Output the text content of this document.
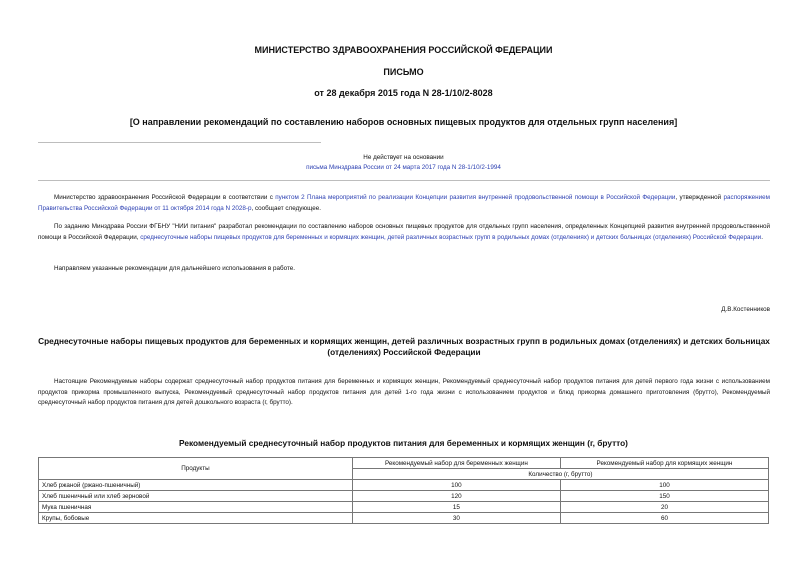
МИНИСТЕРСТВО ЗДРАВООХРАНЕНИЯ РОССИЙСКОЙ ФЕДЕРАЦИИ
ПИСЬМО
от 28 декабря 2015 года N 28-1/10/2-8028
[О направлении рекомендаций по составлению наборов основных пищевых продуктов для отдельных групп населения]
Не действует на основании
письма Минздрава России от 24 марта 2017 года N 28-1/10/2-1994

Министерство здравоохранения Российской Федерации в соответствии с пунктом 2 Плана мероприятий по реализации Концепции развития внутренней продовольственной помощи в Российской Федерации, утвержденной распоряжением Правительства Российской Федерации от 11 октября 2014 года N 2028-р, сообщает следующее.

По заданию Минздрава России ФГБНУ "НИИ питания" разработал рекомендации по составлению наборов основных пищевых продуктов для отдельных групп населения, определенных Концепцией развития внутренней продовольственной помощи в Российской Федерации, среднесуточные наборы пищевых продуктов для беременных и кормящих женщин, детей различных возрастных групп в родильных домах (отделениях) и детских больницах (отделениях) Российской Федерации.

Направляем указанные рекомендации для дальнейшего использования в работе.

Д.В.Костенников
Среднесуточные наборы пищевых продуктов для беременных и кормящих женщин, детей различных возрастных групп в родильных домах (отделениях) и детских больницах (отделениях) Российской Федерации

Настоящие Рекомендуемые наборы содержат среднесуточный набор продуктов питания для беременных и кормящих женщин, Рекомендуемый среднесуточный набор продуктов питания для детей первого года жизни с использованием продуктов прикорма промышленного выпуска, Рекомендуемый среднесуточный набор продуктов питания для детей 1-го года жизни с использованием продуктов и блюд прикорма домашнего приготовления (брутто), Рекомендуемый среднесуточный набор продуктов питания для детей дошкольного возраста (г, брутто).

Рекомендуемый среднесуточный набор продуктов питания для беременных и кормящих женщин (г, брутто)
Продукты	Рекомендуемый набор для беременных женщин	Рекомендуемый набор для кормящих женщин
	Количество (г, брутто)	
Хлеб ржаной (ржано-пшеничный)	100	100
Хлеб пшеничный или хлеб зерновой	120	150
Мука пшеничная	15	20
Крупы, бобовые	30	60
